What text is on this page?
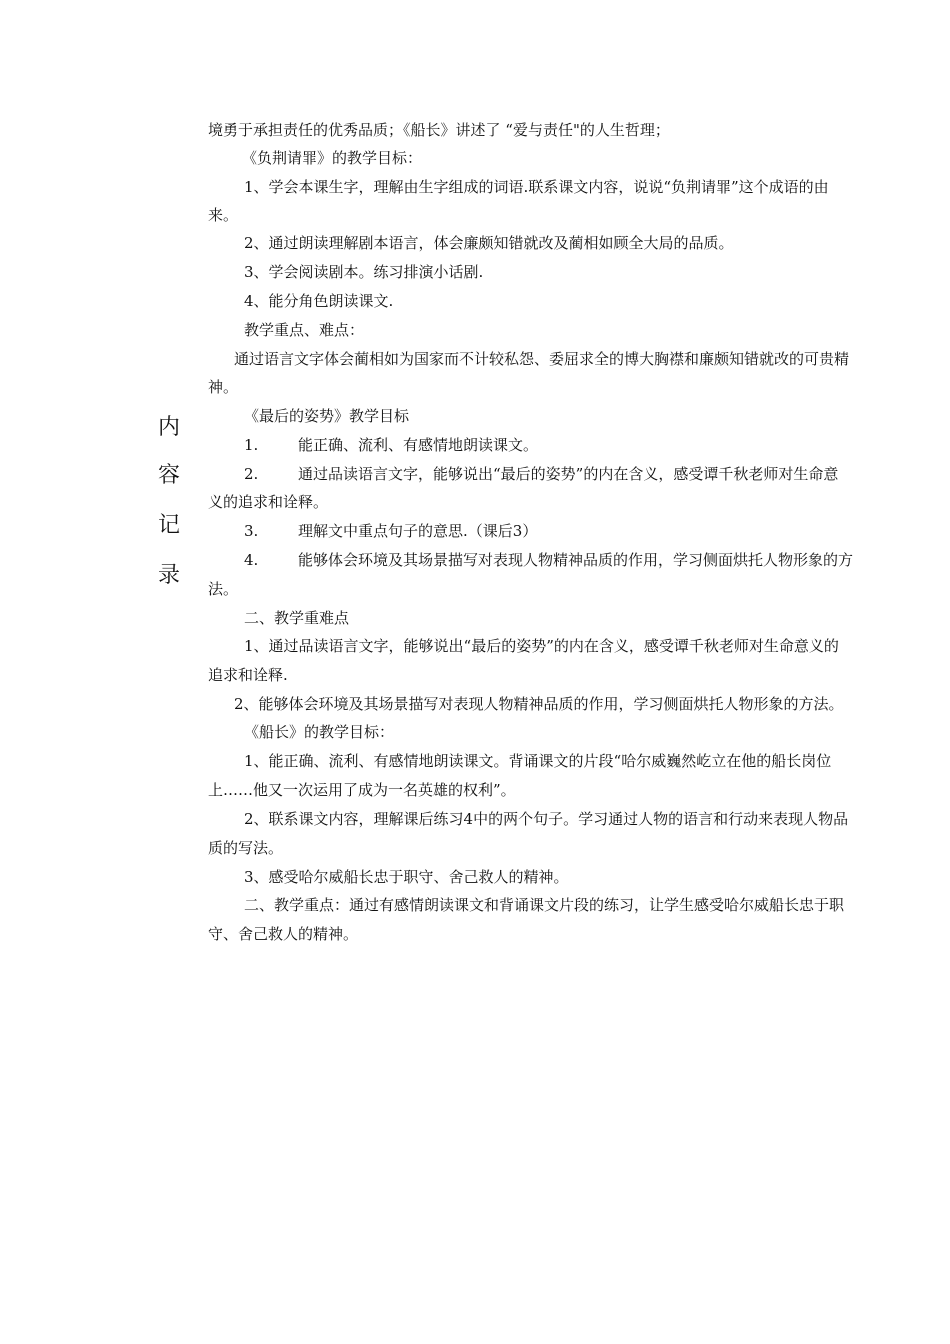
内
容
记
录
境勇于承担责任的优秀品质；《船长》讲述了 “爱与责任"的人生哲理；
《负荆请罪》的教学目标：
1、学会本课生字，理解由生字组成的词语.联系课文内容，说说“负荆请罪”这个成语的由
来。
2、通过朗读理解剧本语言，体会廉颇知错就改及蔺相如顾全大局的品质。
3、学会阅读剧本。练习排演小话剧.
4、能分角色朗读课文.
教学重点、难点：
通过语言文字体会蔺相如为国家而不计较私怨、委屈求全的博大胸襟和廉颇知错就改的可贵精
神。
《最后的姿势》教学目标
1.	能正确、流利、有感情地朗读课文。
2.	通过品读语言文字，能够说出“最后的姿势”的内在含义，感受谭千秋老师对生命意
义的追求和诠释。
3.	理解文中重点句子的意思.（课后3）
4.	能够体会环境及其场景描写对表现人物精神品质的作用，学习侧面烘托人物形象的方
法。
二、教学重难点
1、通过品读语言文字，能够说出“最后的姿势”的内在含义，感受谭千秋老师对生命意义的
追求和诠释.
2、能够体会环境及其场景描写对表现人物精神品质的作用，学习侧面烘托人物形象的方法。
《船长》的教学目标：
1、能正确、流利、有感情地朗读课文。背诵课文的片段“哈尔威巍然屹立在他的船长岗位
上……他又一次运用了成为一名英雄的权利”。
2、联系课文内容，理解课后练习4中的两个句子。学习通过人物的语言和行动来表现人物品
质的写法。
3、感受哈尔威船长忠于职守、舍己救人的精神。
二、教学重点：通过有感情朗读课文和背诵课文片段的练习，让学生感受哈尔威船长忠于职
守、舍己救人的精神。
